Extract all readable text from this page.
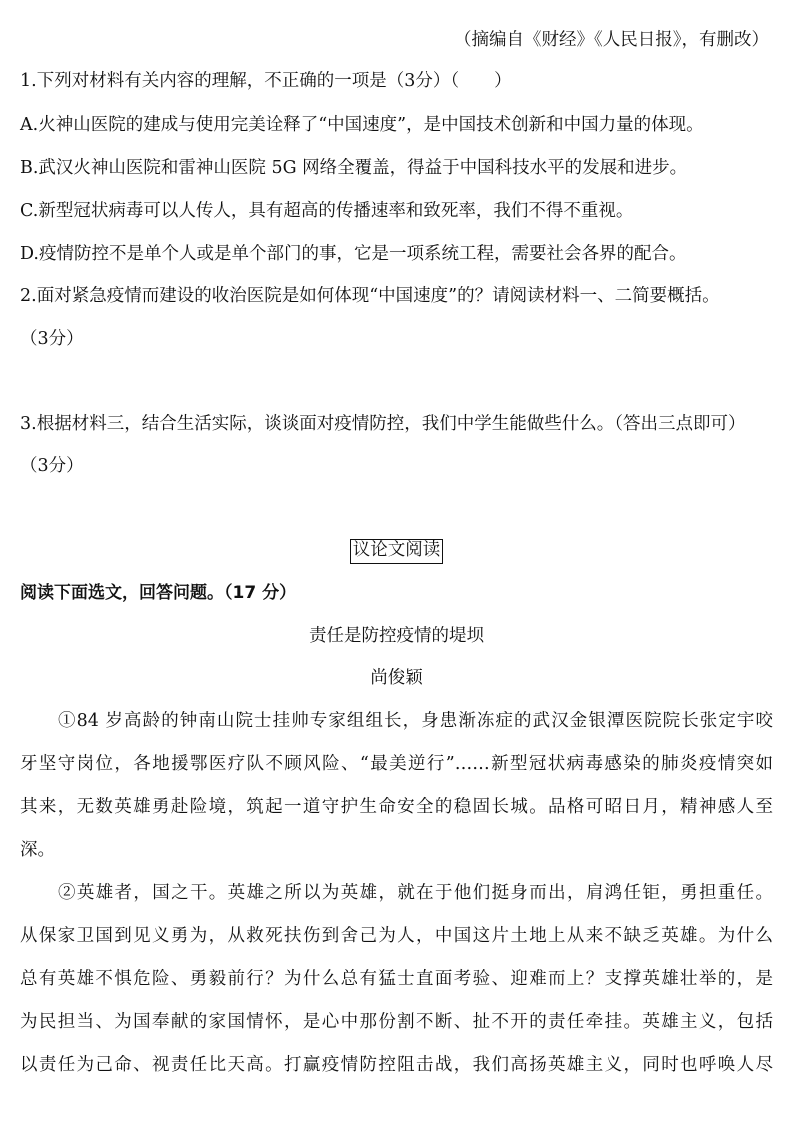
（摘编自《财经》《人民日报》，有删改）
1.下列对材料有关内容的理解，不正确的一项是（3分）（　　）
A.火神山医院的建成与使用完美诠释了“中国速度”，是中国技术创新和中国力量的体现。
B.武汉火神山医院和雷神山医院 5G 网络全覆盖，得益于中国科技水平的发展和进步。
C.新型冠状病毒可以人传人，具有超高的传播速率和致死率，我们不得不重视。
D.疫情防控不是单个人或是单个部门的事，它是一项系统工程，需要社会各界的配合。
2.面对紧急疫情而建设的收治医院是如何体现“中国速度”的？请阅读材料一、二简要概括。
（3分）
3.根据材料三，结合生活实际，谈谈面对疫情防控，我们中学生能做些什么。（答出三点即可）
（3分）
议论文阅读
阅读下面选文，回答问题。（17 分）
责任是防控疫情的堤坝
尚俊颖
①84 岁高龄的钟南山院士挂帅专家组组长，身患渐冻症的武汉金银潭医院院长张定宇咬
牙坚守岗位，各地援鄂医疗队不顾风险、“最美逆行”……新型冠状病毒感染的肺炎疫情突如
其来，无数英雄勇赴险境，筑起一道守护生命安全的稳固长城。品格可昭日月，精神感人至
深。
②英雄者，国之干。英雄之所以为英雄，就在于他们挺身而出，肩鸿任钜，勇担重任。
从保家卫国到见义勇为，从救死扶伤到舍己为人，中国这片土地上从来不缺乏英雄。为什么
总有英雄不惧危险、勇毅前行？为什么总有猛士直面考验、迎难而上？支撑英雄壮举的，是
为民担当、为国奉献的家国情怀，是心中那份割不断、扯不开的责任牵挂。英雄主义，包括
以责任为己命、视责任比天高。打赢疫情防控阻击战，我们高扬英雄主义，同时也呼唤人尽
